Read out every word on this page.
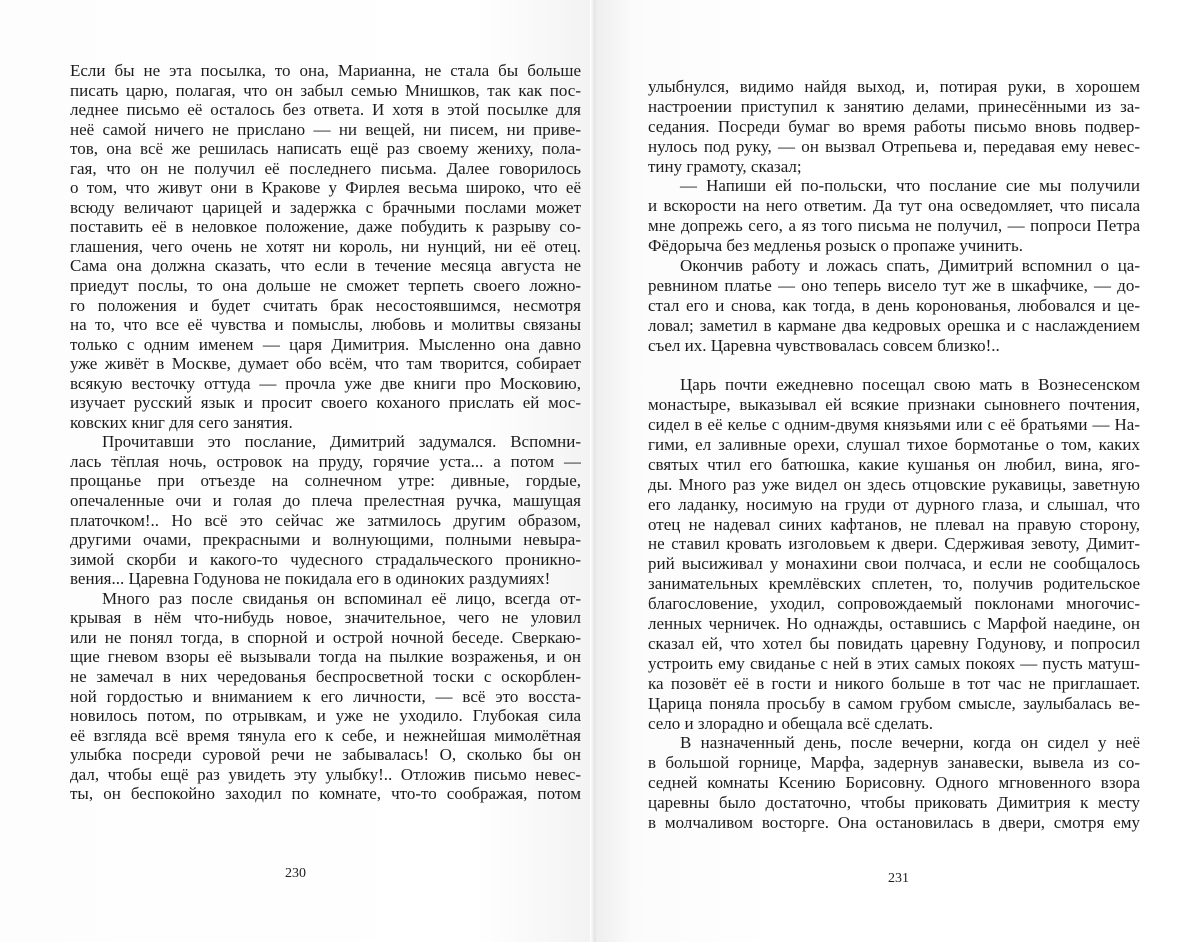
Если бы не эта посылка, то она, Марианна, не стала бы больше
писать царю, полагая, что он забыл семью Мнишков, так как пос-
леднее письмо её осталось без ответа. И хотя в этой посылке для
неё самой ничего не прислано — ни вещей, ни писем, ни приве-
тов, она всё же решилась написать ещё раз своему жениху, пола-
гая, что он не получил её последнего письма. Далее говорилось
о том, что живут они в Кракове у Фирлея весьма широко, что её
всюду величают царицей и задержка с брачными послами может
поставить её в неловкое положение, даже побудить к разрыву со-
глашения, чего очень не хотят ни король, ни нунций, ни её отец.
Сама она должна сказать, что если в течение месяца августа не
приедут послы, то она дольше не сможет терпеть своего ложно-
го положения и будет считать брак несостоявшимся, несмотря
на то, что все её чувства и помыслы, любовь и молитвы связаны
только с одним именем — царя Димитрия. Мысленно она давно
уже живёт в Москве, думает обо всём, что там творится, собирает
всякую весточку оттуда — прочла уже две книги про Московию,
изучает русский язык и просит своего коханого прислать ей мос-
ковских книг для сего занятия.
Прочитавши это послание, Димитрий задумался. Вспомни-
лась тёплая ночь, островок на пруду, горячие уста... а потом —
прощанье при отъезде на солнечном утре: дивные, гордые,
опечаленные очи и голая до плеча прелестная ручка, машущая
платочком!.. Но всё это сейчас же затмилось другим образом,
другими очами, прекрасными и волнующими, полными невыра-
зимой скорби и какого-то чудесного страдальческого проникно-
вения... Царевна Годунова не покидала его в одиноких раздумиях!
Много раз после свиданья он вспоминал её лицо, всегда от-
крывая в нём что-нибудь новое, значительное, чего не уловил
или не понял тогда, в спорной и острой ночной беседе. Сверкаю-
щие гневом взоры её вызывали тогда на пылкие возраженья, и он
не замечал в них чередованья беспросветной тоски с оскорблен-
ной гордостью и вниманием к его личности, — всё это восста-
новилось потом, по отрывкам, и уже не уходило. Глубокая сила
её взгляда всё время тянула его к себе, и нежнейшая мимолётная
улыбка посреди суровой речи не забывалась! О, сколько бы он
дал, чтобы ещё раз увидеть эту улыбку!.. Отложив письмо невес-
ты, он беспокойно заходил по комнате, что-то соображая, потом
230
улыбнулся, видимо найдя выход, и, потирая руки, в хорошем
настроении приступил к занятию делами, принесёнными из за-
седания. Посреди бумаг во время работы письмо вновь подвер-
нулось под руку, — он вызвал Отрепьева и, передавая ему невес-
тину грамоту, сказал;
— Напиши ей по-польски, что послание сие мы получили
и вскорости на него ответим. Да тут она осведомляет, что писала
мне допрежь сего, а яз того письма не получил, — попроси Петра
Фёдорыча без медленья розыск о пропаже учинить.
Окончив работу и ложась спать, Димитрий вспомнил о ца-
ревнином платье — оно теперь висело тут же в шкафчике, — до-
стал его и снова, как тогда, в день коронованья, любовался и це-
ловал; заметил в кармане два кедровых орешка и с наслаждением
съел их. Царевна чувствовалась совсем близко!..
Царь почти ежедневно посещал свою мать в Вознесенском
монастыре, выказывал ей всякие признаки сыновнего почтения,
сидел в её келье с одним-двумя князьями или с её братьями — На-
гими, ел заливные орехи, слушал тихое бормотанье о том, каких
святых чтил его батюшка, какие кушанья он любил, вина, яго-
ды. Много раз уже видел он здесь отцовские рукавицы, заветную
его ладанку, носимую на груди от дурного глаза, и слышал, что
отец не надевал синих кафтанов, не плевал на правую сторону,
не ставил кровать изголовьем к двери. Сдерживая зевоту, Димит-
рий высиживал у монахини свои полчаса, и если не сообщалось
занимательных кремлёвских сплетен, то, получив родительское
благословение, уходил, сопровождаемый поклонами многочис-
ленных черничек. Но однажды, оставшись с Марфой наедине, он
сказал ей, что хотел бы повидать царевну Годунову, и попросил
устроить ему свиданье с ней в этих самых покоях — пусть матуш-
ка позовёт её в гости и никого больше в тот час не приглашает.
Царица поняла просьбу в самом грубом смысле, заулыбалась ве-
село и злорадно и обещала всё сделать.
В назначенный день, после вечерни, когда он сидел у неё
в большой горнице, Марфа, задернув занавески, вывела из со-
седней комнаты Ксению Борисовну. Одного мгновенного взора
царевны было достаточно, чтобы приковать Димитрия к месту
в молчаливом восторге. Она остановилась в двери, смотря ему
231
